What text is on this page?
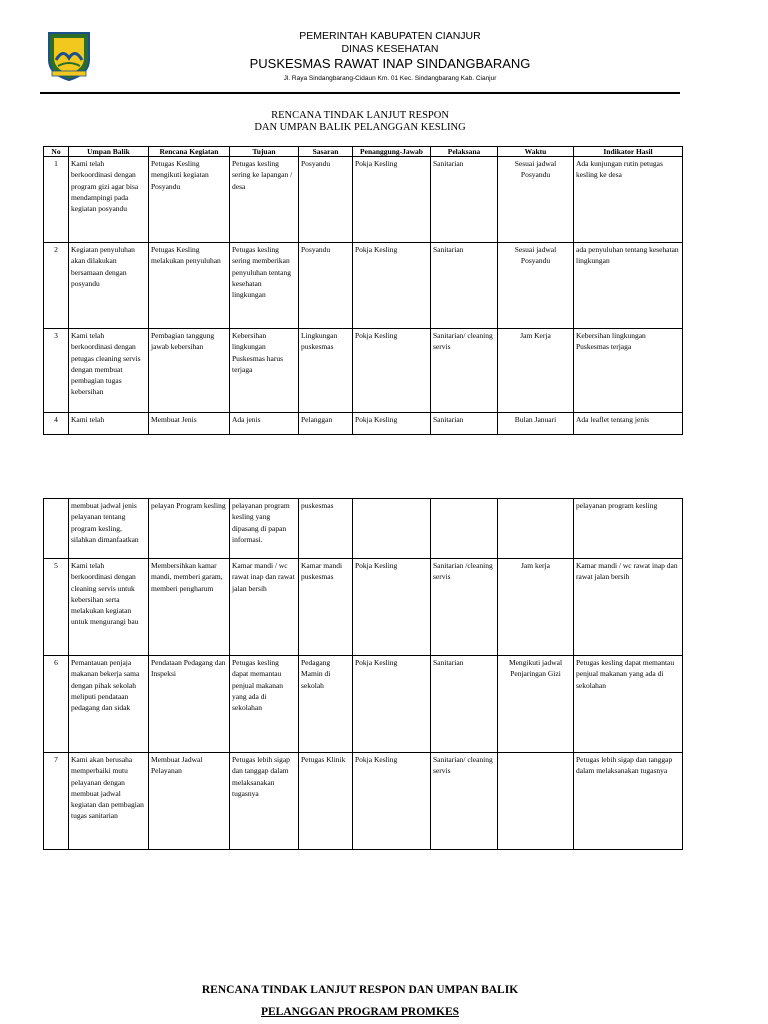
PEMERINTAH KABUPATEN CIANJUR
DINAS KESEHATAN
PUSKESMAS RAWAT INAP SINDANGBARANG
Jl. Raya Sindangbarang-Cidaun Km. 01 Kec. Sindangbarang Kab. Cianjur
RENCANA TINDAK LANJUT RESPON
DAN UMPAN BALIK PELANGGAN KESLING
No	Umpan Balik	Rencana Kegiatan	Tujuan	Sasaran	Penanggung-Jawab	Pelaksana	Waktu	Indikator Hasil
1	Kami telah berkoordinasi dengan program gizi agar bisa mendampingi pada kegiatan posyandu	Petugas Kesling mengikuti kegiatan Posyandu	Petugas kesling sering ke lapangan / desa	Posyandu	Pokja Kesling	Sanitarian	Sesuai jadwal Posyandu	Ada kunjungan rutin petugas kesling ke desa
2	Kegiatan penyuluhan akan dilakukan bersamaan dengan posyandu	Petugas Kesling melakukan penyuluhan	Petugas kesling sering memberikan penyuluhan tentang kesehatan lingkungan	Posyandu	Pokja Kesling	Sanitarian	Sesuai jadwal Posyandu	ada penyuluhan tentang kesehatan lingkungan
3	Kami telah berkoordinasi dengan petugas cleaning servis dengan membuat pembagian tugas kebersihan	Pembagian tanggung jawab kebersihan	Kebersihan lingkungan Puskesmas harus terjaga	Lingkungan puskesmas	Pokja Kesling	Sanitarian/ cleaning servis	Jam Kerja	Kebersihan lingkungan Puskesmas terjaga
4	Kami telah	Membuat Jenis	Ada jenis	Pelanggan	Pokja Kesling	Sanitarian	Bulan Januari	Ada leaflet tentang jenis
	membuat jadwal jenis pelayanan tentang program kesling, silahkan dimanfaatkan	pelayan Program kesling	pelayanan program kesling yang dipasang di papan informasi.	puskesmas				pelayanan program kesling
5	Kami telah berkoordinasi dengan cleaning servis untuk kebersihan serta melakukan kegiatan untuk mengurangi bau	Membersihkan kamar mandi, memberi garam, memberi pengharum	Kamar mandi / wc rawat inap dan rawat jalan bersih	Kamar mandi puskesmas	Pokja Kesling	Sanitarian /cleaning servis	Jam kerja	Kamar mandi / wc rawat inap dan rawat jalan bersih
6	Pemantauan penjaja makanan bekerja sama dengan pihak sekolah meliputi pendataan pedagang dan sidak	Pendataan Pedagang dan Inspeksi	Petugas kesling dapat memantau penjual makanan yang ada di sekolahan	Pedagang Mamin di sekolah	Pokja Kesling	Sanitarian	Mengikuti jadwal Penjaringan Gizi	Petugas kesling dapat memantau penjual makanan yang ada di sekolahan
7	Kami akan berusaha memperbaiki mutu pelayanan dengan membuat jadwal kegiatan dan pembagian tugas sanitarian	Membuat Jadwal Pelayanan	Petugas lebih sigap dan tanggap dalam melaksanakan tugasnya	Petugas Klinik	Pokja Kesling	Sanitarian/ cleaning servis		Petugas lebih sigap dan tanggap dalam melaksanakan tugasnya
RENCANA TINDAK LANJUT RESPON DAN UMPAN BALIK
PELANGGAN PROGRAM PROMKES
